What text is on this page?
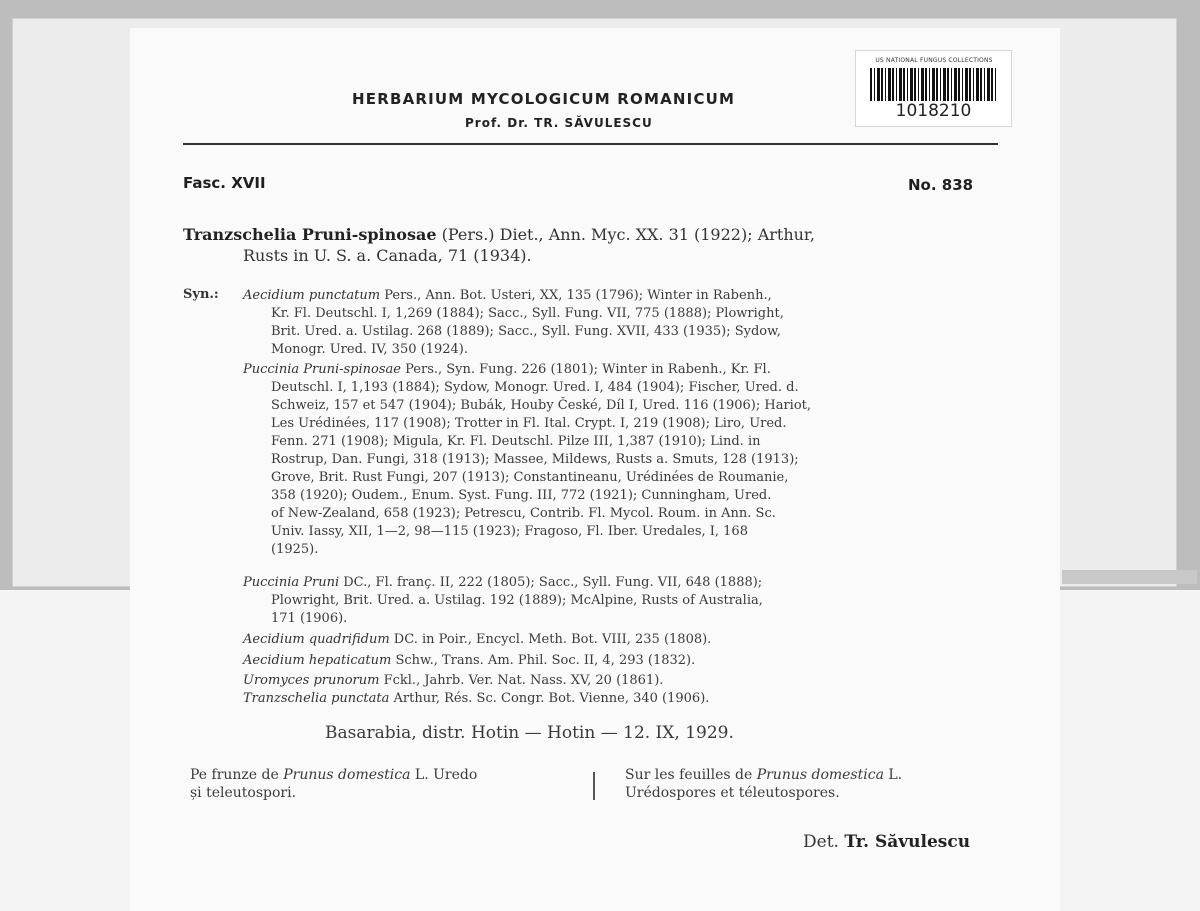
US NATIONAL FUNGUS COLLECTIONS
1018210
HERBARIUM MYCOLOGICUM ROMANICUM
Prof. Dr. TR. SĂVULESCU
Fasc. XVII	No. 838
Tranzschelia Pruni-spinosae (Pers.) Diet., Ann. Myc. XX. 31 (1922); Arthur,
Rusts in U. S. a. Canada, 71 (1934).
Syn.: Aecidium punctatum Pers., Ann. Bot. Usteri, XX, 135 (1796); Winter in Rabenh.,
Kr. Fl. Deutschl. I, 1,269 (1884); Sacc., Syll. Fung. VII, 775 (1888); Plowright,
Brit. Ured. a. Ustilag. 268 (1889); Sacc., Syll. Fung. XVII, 433 (1935); Sydow,
Monogr. Ured. IV, 350 (1924).
Puccinia Pruni-spinosae Pers., Syn. Fung. 226 (1801); Winter in Rabenh., Kr. Fl.
Deutschl. I, 1,193 (1884); Sydow, Monogr. Ured. I, 484 (1904); Fischer, Ured. d.
Schweiz, 157 et 547 (1904); Bubák, Houby České, Díl I, Ured. 116 (1906); Hariot,
Les Urédinées, 117 (1908); Trotter in Fl. Ital. Crypt. I, 219 (1908); Liro, Ured.
Fenn. 271 (1908); Migula, Kr. Fl. Deutschl. Pilze III, 1,387 (1910); Lind. in
Rostrup, Dan. Fungi, 318 (1913); Massee, Mildews, Rusts a. Smuts, 128 (1913);
Grove, Brit. Rust Fungi, 207 (1913); Constantineanu, Urédinées de Roumanie,
358 (1920); Oudem., Enum. Syst. Fung. III, 772 (1921); Cunningham, Ured.
of New-Zealand, 658 (1923); Petrescu, Contrib. Fl. Mycol. Roum. in Ann. Sc.
Univ. Iassy, XII, 1—2, 98—115 (1923); Fragoso, Fl. Iber. Uredales, I, 168
(1925).
Puccinia Pruni DC., Fl. franç. II, 222 (1805); Sacc., Syll. Fung. VII, 648 (1888);
Plowright, Brit. Ured. a. Ustilag. 192 (1889); McAlpine, Rusts of Australia,
171 (1906).
Aecidium quadrifidum DC. in Poir., Encycl. Meth. Bot. VIII, 235 (1808).
Aecidium hepaticatum Schw., Trans. Am. Phil. Soc. II, 4, 293 (1832).
Uromyces prunorum Fckl., Jahrb. Ver. Nat. Nass. XV, 20 (1861).
Tranzschelia punctata Arthur, Rés. Sc. Congr. Bot. Vienne, 340 (1906).
Basarabia, distr. Hotin — Hotin — 12. IX, 1929.
Pe frunze de Prunus domestica L. Uredo
și teleutospori.
Sur les feuilles de Prunus domestica L.
Urédospores et téleutospores.
Det. Tr. Săvulescu
